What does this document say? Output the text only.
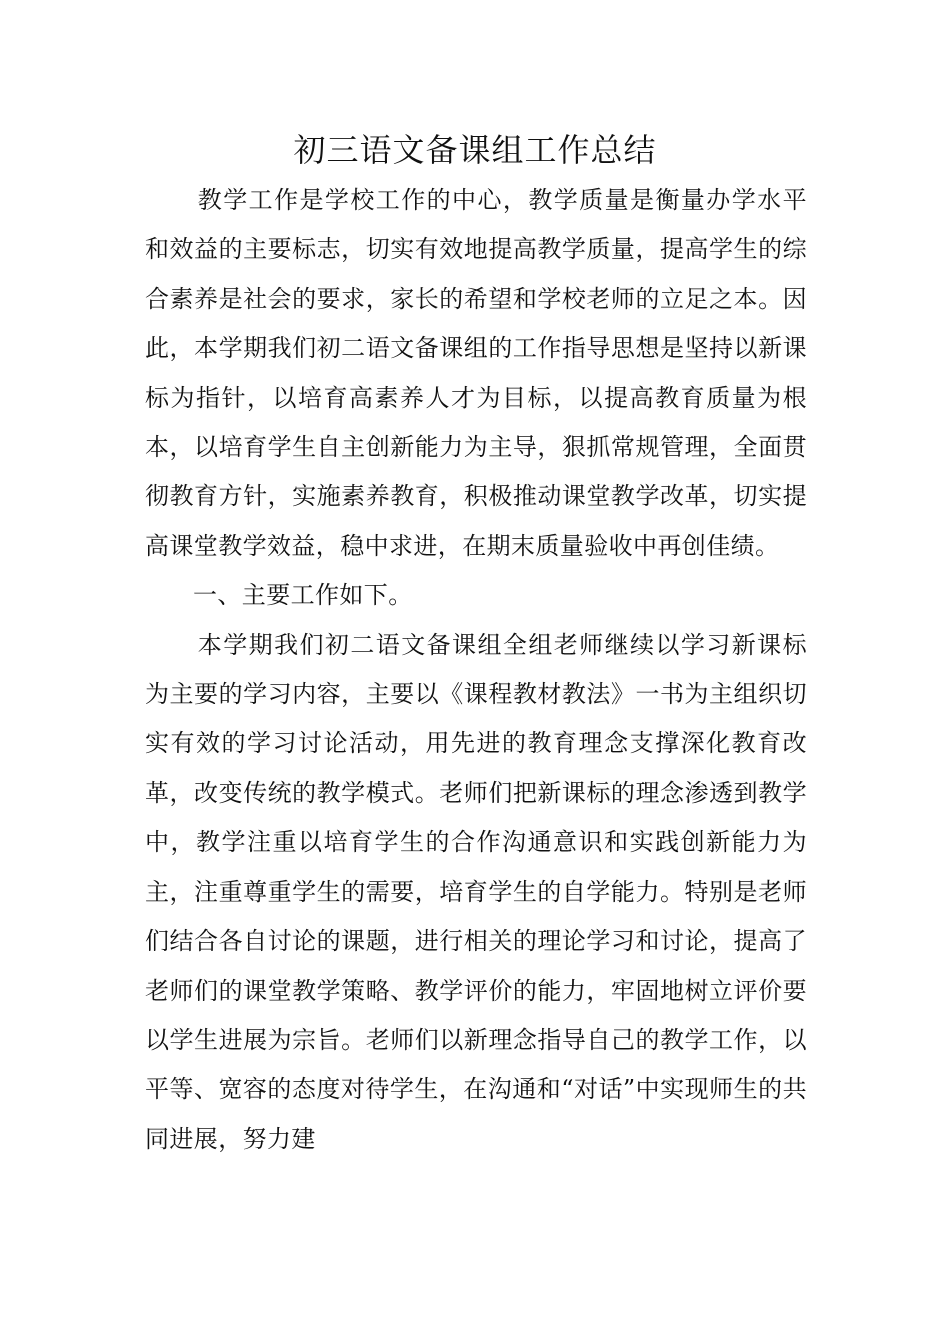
初三语文备课组工作总结

教学工作是学校工作的中心，教学质量是衡量办学水平和效益的主要标志，切实有效地提高教学质量，提高学生的综合素养是社会的要求，家长的希望和学校老师的立足之本。因此，本学期我们初二语文备课组的工作指导思想是坚持以新课标为指针，以培育高素养人才为目标，以提高教育质量为根本，以培育学生自主创新能力为主导，狠抓常规管理，全面贯彻教育方针，实施素养教育，积极推动课堂教学改革，切实提高课堂教学效益，稳中求进，在期末质量验收中再创佳绩。

一、主要工作如下。

本学期我们初二语文备课组全组老师继续以学习新课标为主要的学习内容，主要以《课程教材教法》一书为主组织切实有效的学习讨论活动，用先进的教育理念支撑深化教育改革，改变传统的教学模式。老师们把新课标的理念渗透到教学中，教学注重以培育学生的合作沟通意识和实践创新能力为主，注重尊重学生的需要，培育学生的自学能力。特别是老师们结合各自讨论的课题，进行相关的理论学习和讨论，提高了老师们的课堂教学策略、教学评价的能力，牢固地树立评价要以学生进展为宗旨。老师们以新理念指导自己的教学工作，以平等、宽容的态度对待学生，在沟通和“对话”中实现师生的共同进展，努力建
